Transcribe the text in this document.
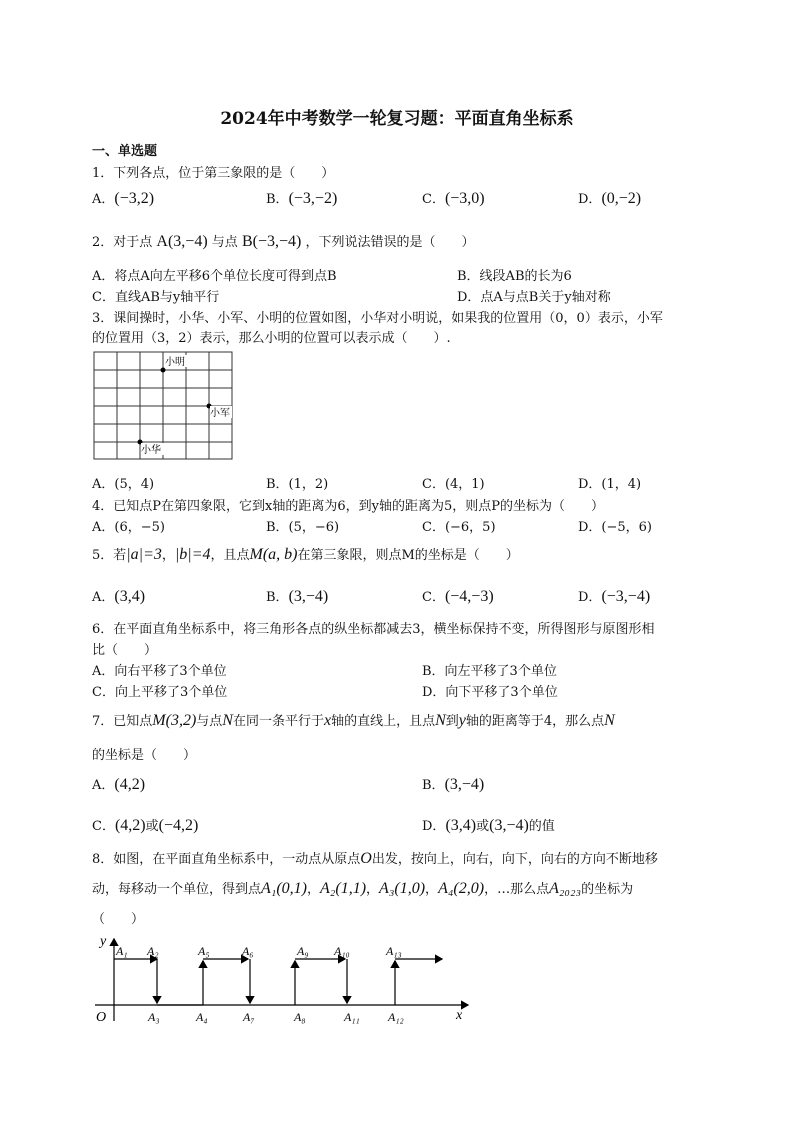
2024年中考数学一轮复习题：平面直角坐标系
一、单选题
1．下列各点，位于第三象限的是（　　）
A．(−3,2)	B．(−3,−2)	C．(−3,0)	D．(0,−2)
2．对于点 A(3,−4) 与点 B(−3,−4) ，下列说法错误的是（　　）
A．将点A向左平移6个单位长度可得到点B	B．线段AB的长为6
C．直线AB与y轴平行	D．点A与点B关于y轴对称
3．课间操时，小华、小军、小明的位置如图，小华对小明说，如果我的位置用（0，0）表示，小军
的位置用（3，2）表示，那么小明的位置可以表示成（　　）.
小明
小军
小华
A．(5，4)	B．(1，2)	C．(4，1)	D．(1，4)
4．已知点P在第四象限，它到x轴的距离为6，到y轴的距离为5，则点P的坐标为（　　）
A．(6，−5)	B．(5，−6)	C．(−6，5)	D．(−5，6)
5．若|a|=3，|b|=4，且点M(a, b)在第三象限，则点M的坐标是（　　）
A．(3,4)	B．(3,−4)	C．(−4,−3)	D．(−3,−4)
6．在平面直角坐标系中，将三角形各点的纵坐标都减去3，横坐标保持不变，所得图形与原图形相
比（　　）
A．向右平移了3个单位	B．向左平移了3个单位
C．向上平移了3个单位	D．向下平移了3个单位
7．已知点M(3,2)与点N在同一条平行于x轴的直线上，且点N到y轴的距离等于4，那么点N
的坐标是（　　）
A．(4,2)	B．(3,−4)
C．(4,2)或(−4,2)	D．(3,4)或(3,−4)的值
8．如图，在平面直角坐标系中，一动点从原点O出发，按向上，向右，向下，向右的方向不断地移
动，每移动一个单位，得到点A₁(0,1)，A₂(1,1)，A₃(1,0)，A₄(2,0)，…那么点A₂₀₂₃的坐标为
（　　）
y
x
O
A₁ A₂	A₅	A₆	A₉ A₁₀	A₁₃
A₃	A₄	A₇	A₈	A₁₁ A₁₂
